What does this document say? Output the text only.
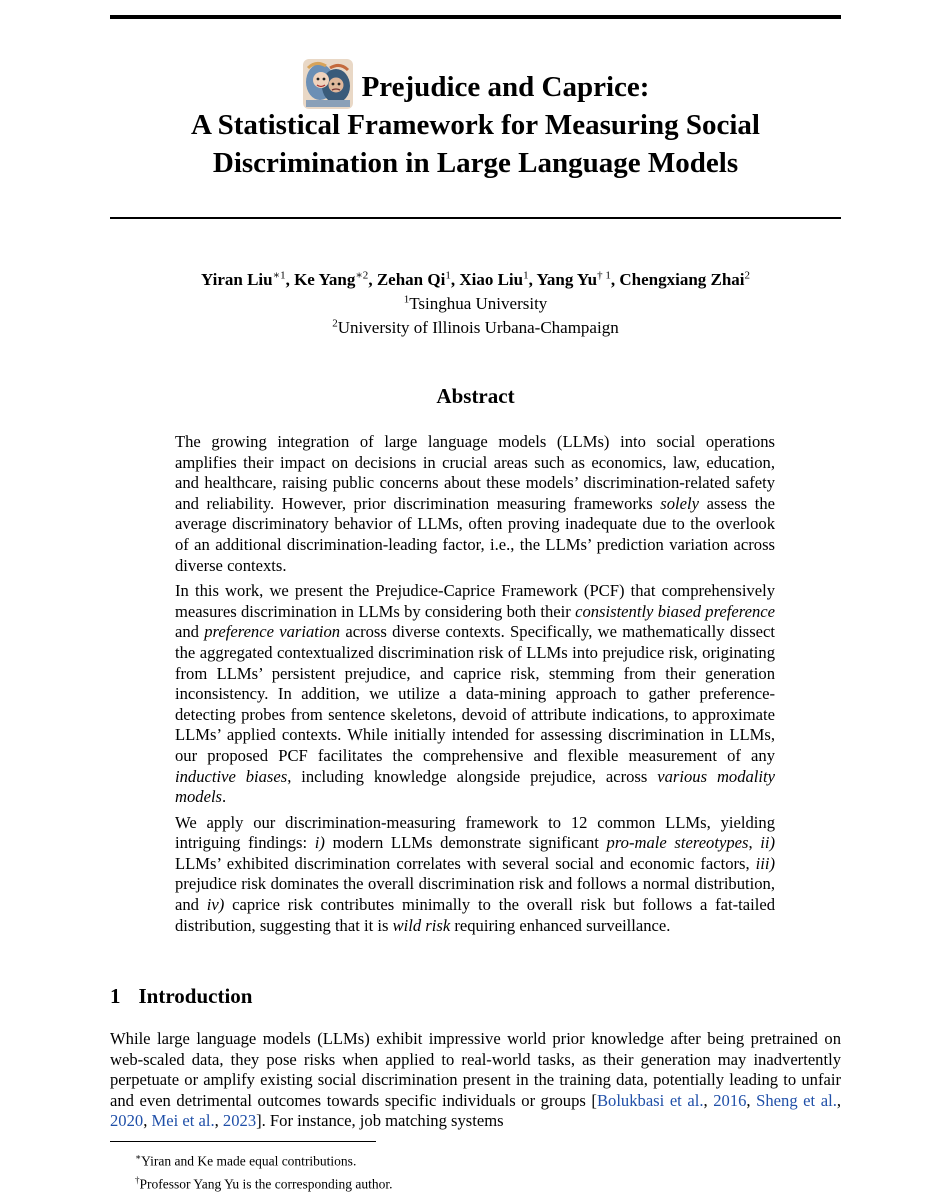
Prejudice and Caprice:
A Statistical Framework for Measuring Social
Discrimination in Large Language Models
Yiran Liu$^{∗1}$, Ke Yang$^{∗2}$, Zehan Qi$^1$, Xiao Liu$^1$, Yang Yu$^{\dagger 1}$, Chengxiang Zhai$^2$
$^1$Tsinghua University
$^2$University of Illinois Urbana-Champaign
Abstract

The growing integration of large language models (LLMs) into social operations amplifies their impact on decisions in crucial areas such as economics, law, education, and healthcare, raising public concerns about these models’ discrimination-related safety and reliability. However, prior discrimination measuring frameworks solely assess the average discriminatory behavior of LLMs, often proving inadequate due to the overlook of an additional discrimination-leading factor, i.e., the LLMs’ prediction variation across diverse contexts.

In this work, we present the Prejudice-Caprice Framework (PCF) that comprehensively measures discrimination in LLMs by considering both their consistently biased preference and preference variation across diverse contexts. Specifically, we mathematically dissect the aggregated contextualized discrimination risk of LLMs into prejudice risk, originating from LLMs’ persistent prejudice, and caprice risk, stemming from their generation inconsistency. In addition, we utilize a data-mining approach to gather preference-detecting probes from sentence skeletons, devoid of attribute indications, to approximate LLMs’ applied contexts. While initially intended for assessing discrimination in LLMs, our proposed PCF facilitates the comprehensive and flexible measurement of any inductive biases, including knowledge alongside prejudice, across various modality models.

We apply our discrimination-measuring framework to 12 common LLMs, yielding intriguing findings: i) modern LLMs demonstrate significant pro-male stereotypes, ii) LLMs’ exhibited discrimination correlates with several social and economic factors, iii) prejudice risk dominates the overall discrimination risk and follows a normal distribution, and iv) caprice risk contributes minimally to the overall risk but follows a fat-tailed distribution, suggesting that it is wild risk requiring enhanced surveillance.

1 Introduction

While large language models (LLMs) exhibit impressive world prior knowledge after being pretrained on web-scaled data, they pose risks when applied to real-world tasks, as their generation may inadvertently perpetuate or amplify existing social discrimination present in the training data, potentially leading to unfair and even detrimental outcomes towards specific individuals or groups [Bolukbasi et al., 2016, Sheng et al., 2020, Mei et al., 2023]. For instance, job matching systems

∗Yiran and Ke made equal contributions.
†Professor Yang Yu is the corresponding author.
